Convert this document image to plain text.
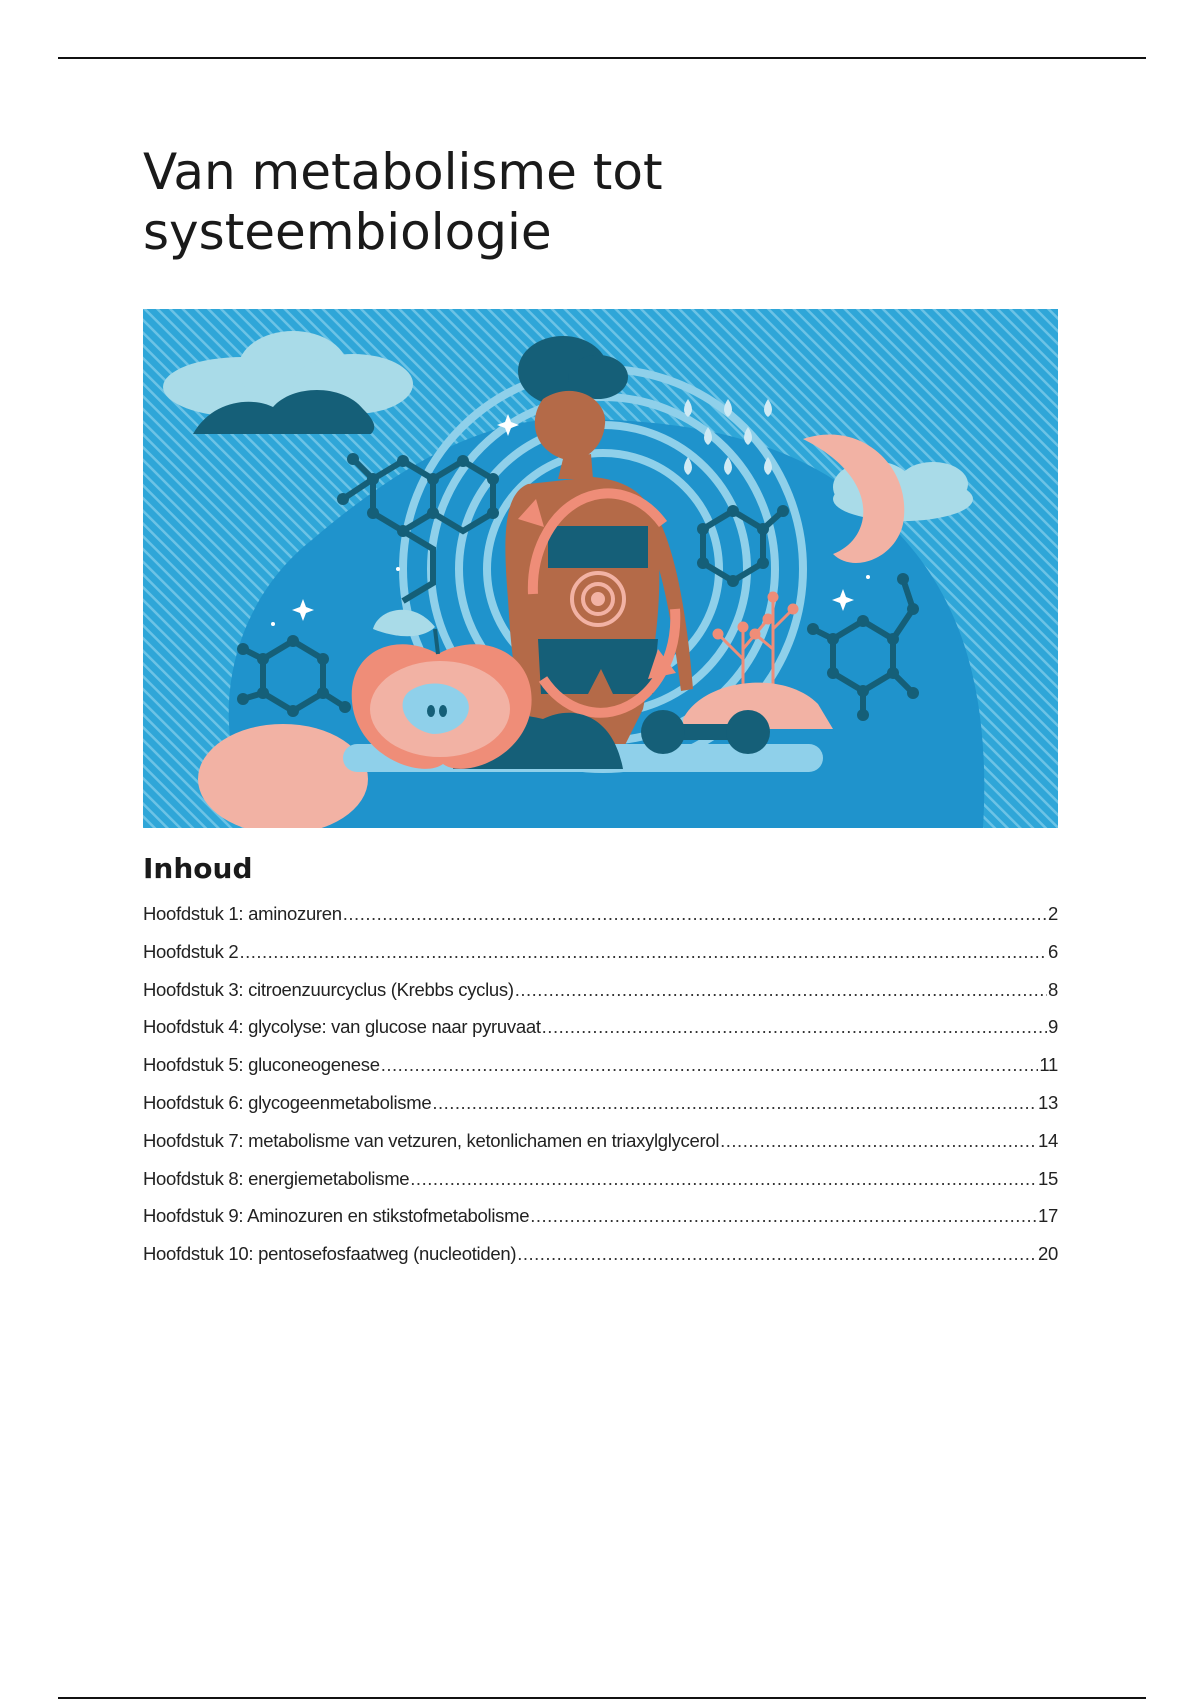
Van metabolisme tot
systeembiologie
Inhoud
Hoofdstuk 1: aminozuren .....	2
Hoofdstuk 2 .....	6
Hoofdstuk 3: citroenzuurcyclus (Krebbs cyclus) .....	8
Hoofdstuk 4: glycolyse: van glucose naar pyruvaat .....	9
Hoofdstuk 5: gluconeogenese .....	11
Hoofdstuk 6: glycogeenmetabolisme .....	13
Hoofdstuk 7: metabolisme van vetzuren, ketonlichamen en triaxylglycerol .....	14
Hoofdstuk 8: energiemetabolisme .....	15
Hoofdstuk 9: Aminozuren en stikstofmetabolisme .....	17
Hoofdstuk 10: pentosefosfaatweg (nucleotiden) .....	20
